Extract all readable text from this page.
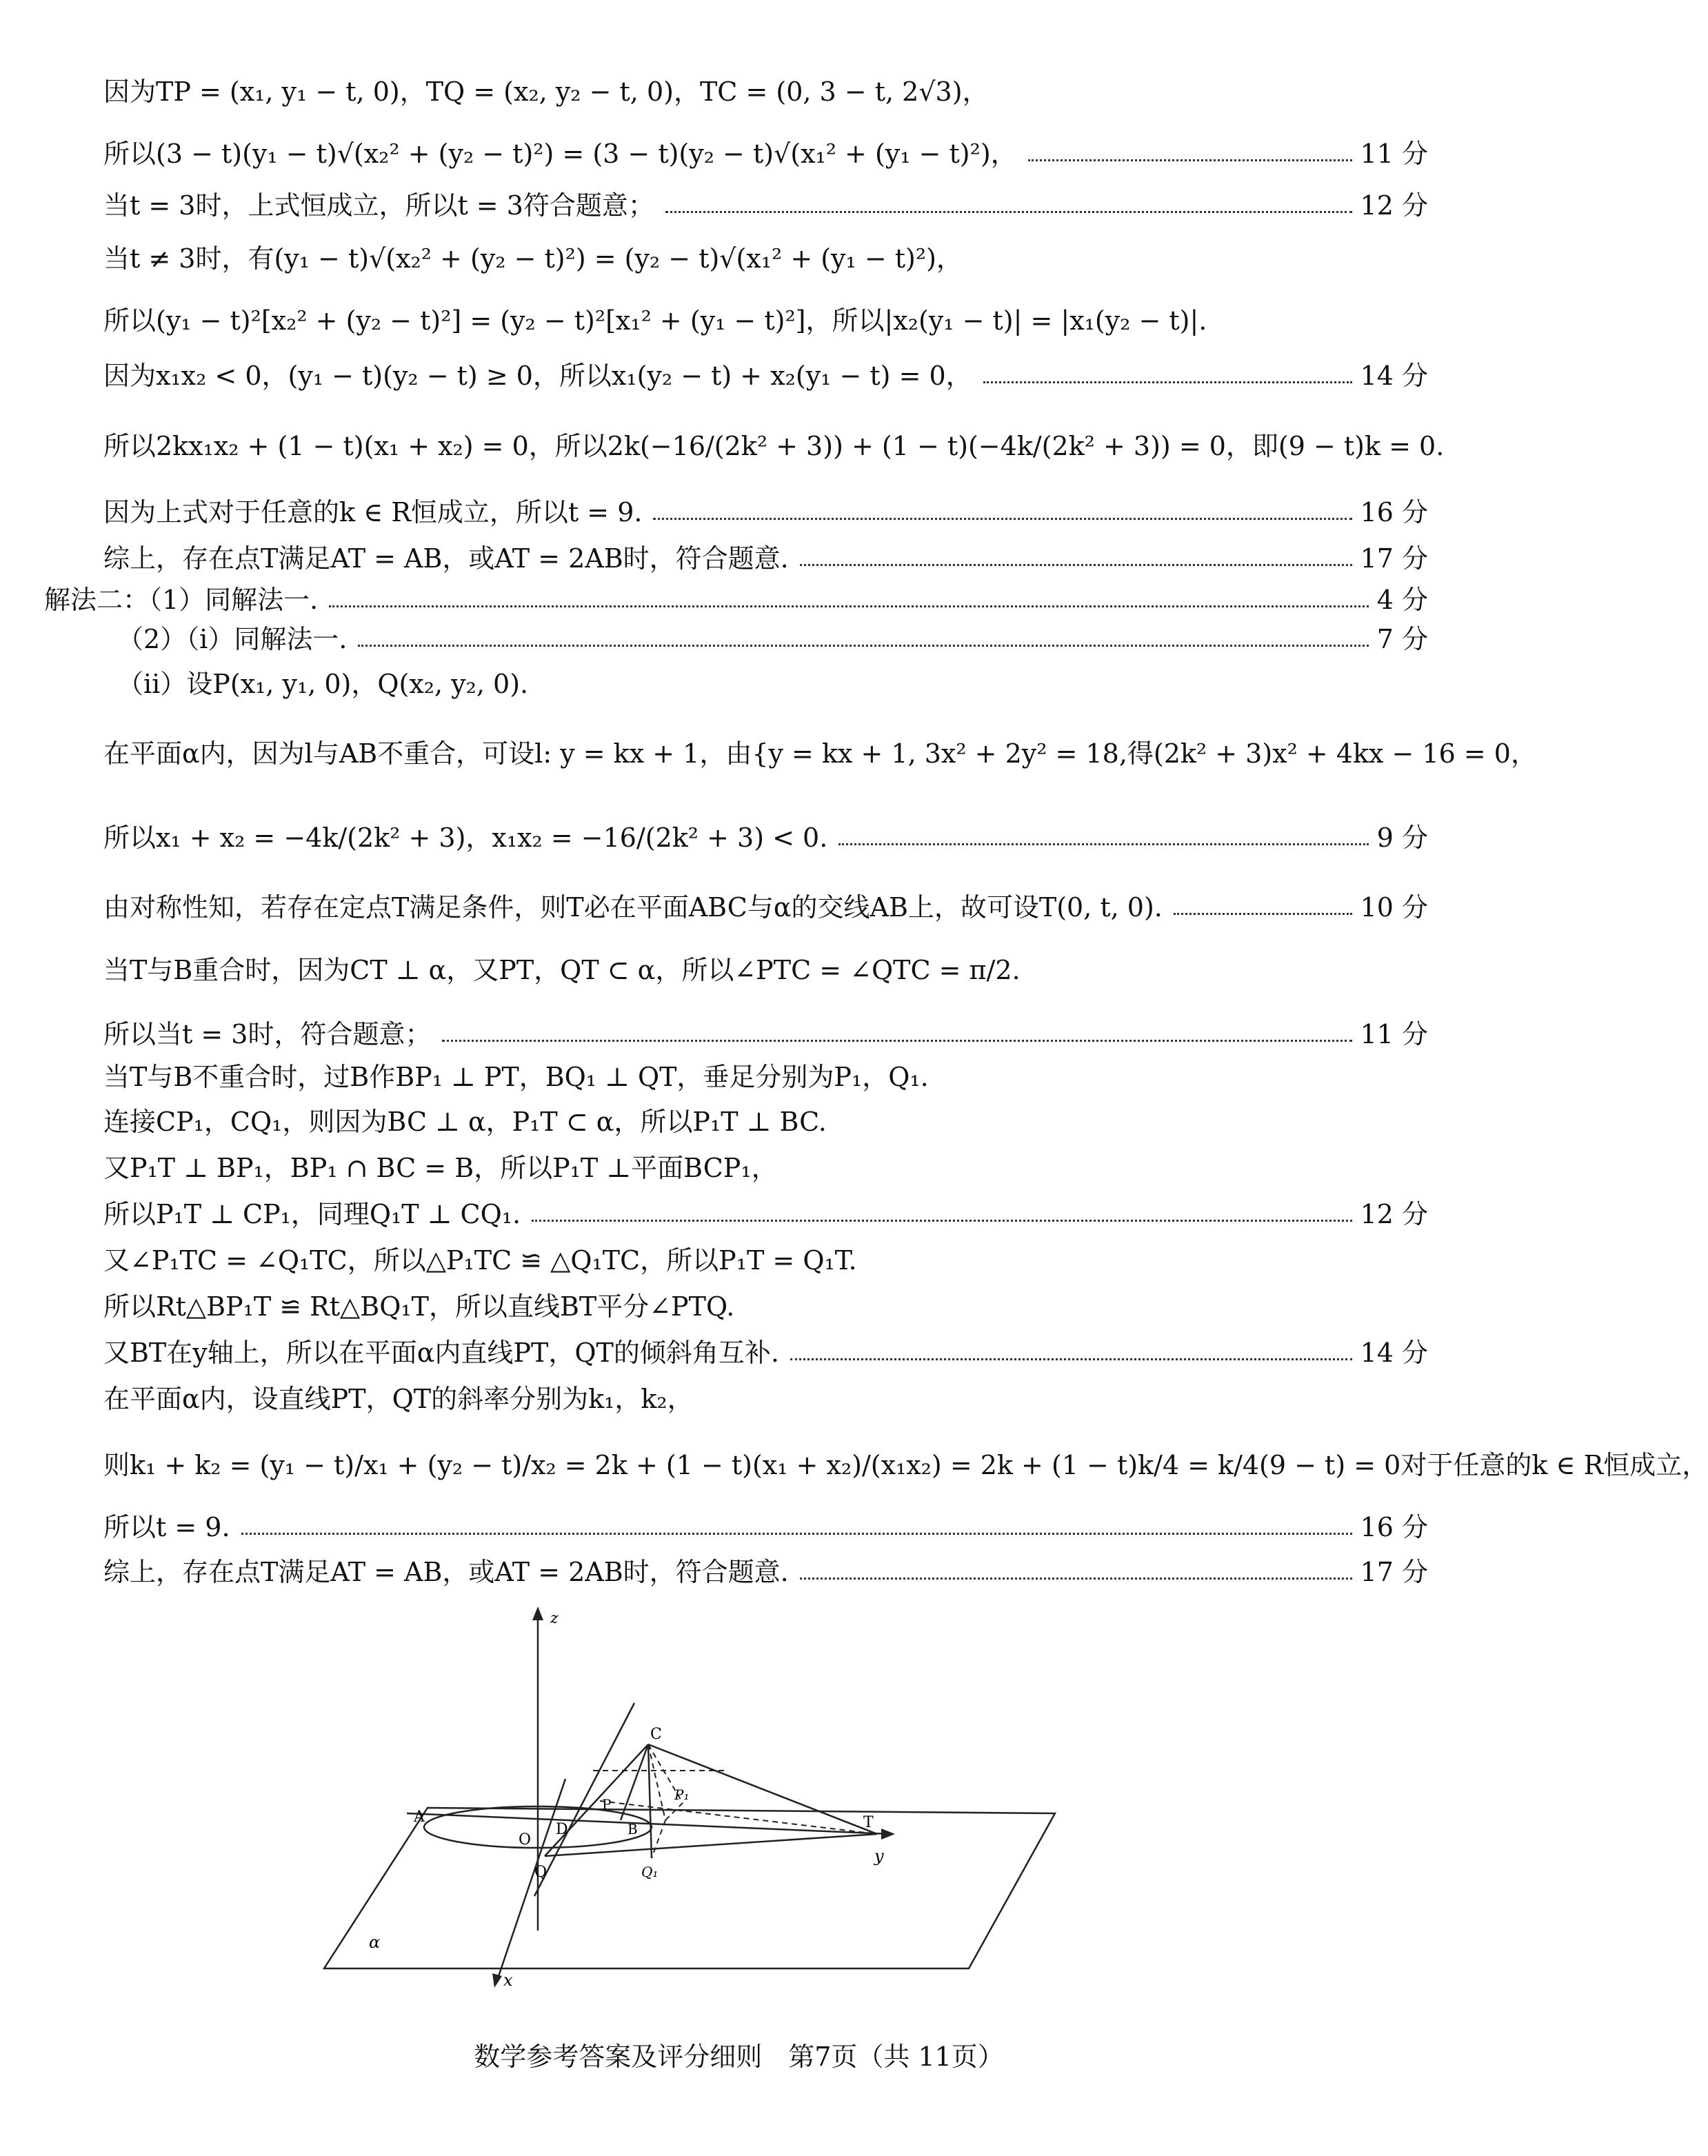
因为TP = (x₁, y₁ − t, 0)，TQ = (x₂, y₂ − t, 0)，TC = (0, 3 − t, 2√3)，
所以(3 − t)(y₁ − t)√(x₂² + (y₂ − t)²) = (3 − t)(y₂ − t)√(x₁² + (y₁ − t)²)，	11 分
当t = 3时，上式恒成立，所以t = 3符合题意；	12 分
当t ≠ 3时，有(y₁ − t)√(x₂² + (y₂ − t)²) = (y₂ − t)√(x₁² + (y₁ − t)²)，
所以(y₁ − t)²[x₂² + (y₂ − t)²] = (y₂ − t)²[x₁² + (y₁ − t)²]，所以|x₂(y₁ − t)| = |x₁(y₂ − t)|.
因为x₁x₂ < 0，(y₁ − t)(y₂ − t) ≥ 0，所以x₁(y₂ − t) + x₂(y₁ − t) = 0，	14 分
所以2kx₁x₂ + (1 − t)(x₁ + x₂) = 0，所以2k(−16/(2k² + 3)) + (1 − t)(−4k/(2k² + 3)) = 0，即(9 − t)k = 0.
因为上式对于任意的k ∈ R恒成立，所以t = 9.	16 分
综上，存在点T满足AT = AB，或AT = 2AB时，符合题意.	17 分
解法二：（1）同解法一.	4 分
（2）（i）同解法一.	7 分
（ii）设P(x₁, y₁, 0)，Q(x₂, y₂, 0).
在平面α内，因为l与AB不重合，可设l: y = kx + 1，由{y = kx + 1, 3x² + 2y² = 18,得(2k² + 3)x² + 4kx − 16 = 0，
所以x₁ + x₂ = −4k/(2k² + 3)，x₁x₂ = −16/(2k² + 3) < 0.	9 分
由对称性知，若存在定点T满足条件，则T必在平面ABC与α的交线AB上，故可设T(0, t, 0).	10 分
当T与B重合时，因为CT ⊥ α，又PT，QT ⊂ α，所以∠PTC = ∠QTC = π/2.
所以当t = 3时，符合题意；	11 分
当T与B不重合时，过B作BP₁ ⊥ PT，BQ₁ ⊥ QT，垂足分别为P₁，Q₁.
连接CP₁，CQ₁，则因为BC ⊥ α，P₁T ⊂ α，所以P₁T ⊥ BC.
又P₁T ⊥ BP₁，BP₁ ∩ BC = B，所以P₁T ⊥平面BCP₁，
所以P₁T ⊥ CP₁，同理Q₁T ⊥ CQ₁.	12 分
又∠P₁TC = ∠Q₁TC，所以△P₁TC ≌ △Q₁TC，所以P₁T = Q₁T.
所以Rt△BP₁T ≌ Rt△BQ₁T，所以直线BT平分∠PTQ.
又BT在y轴上，所以在平面α内直线PT，QT的倾斜角互补.	14 分
在平面α内，设直线PT，QT的斜率分别为k₁，k₂，
则k₁ + k₂ = (y₁ − t)/x₁ + (y₂ − t)/x₂ = 2k + (1 − t)(x₁ + x₂)/(x₁x₂) = 2k + (1 − t)k/4 = k/4(9 − t) = 0对于任意的k ∈ R恒成立，
所以t = 9.	16 分
综上，存在点T满足AT = AB，或AT = 2AB时，符合题意.	17 分
z
y
x
α
A
O
D
P
B
C
T
Q
P₁
Q₁
数学参考答案及评分细则　第7页（共 11页）
